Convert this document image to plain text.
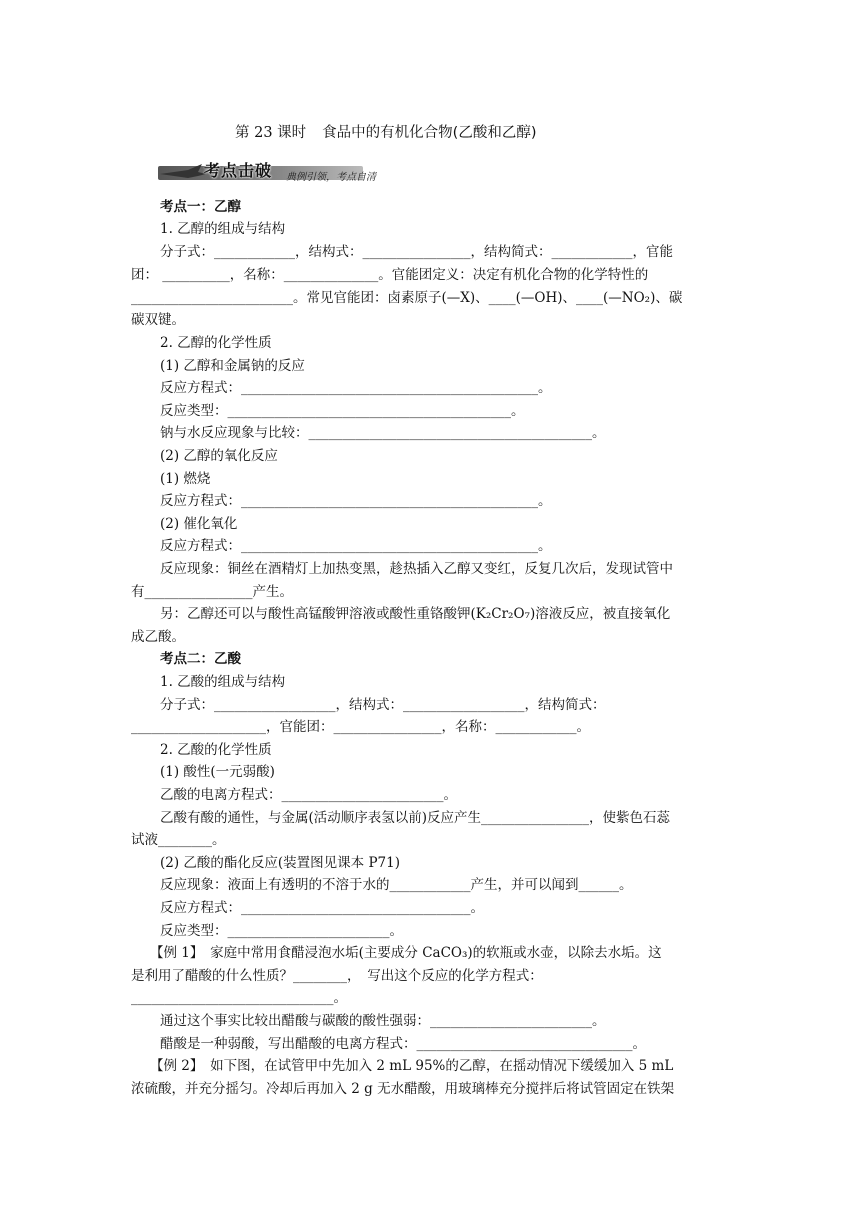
第 23 课时 食品中的有机化合物(乙酸和乙醇)
考点击破 典例引领，考点自清
考点一：乙醇
1. 乙醇的组成与结构
分子式：____________，结构式：________________，结构简式：____________，官能
团： __________，名称：______________。官能团定义：决定有机化合物的化学特性的
________________________。常见官能团：卤素原子(—X)、____(—OH)、____(—NO₂)、碳
碳双键。
2. 乙醇的化学性质
(1) 乙醇和金属钠的反应
反应方程式：____________________________________________。
反应类型：__________________________________________。
钠与水反应现象与比较：__________________________________________。
(2) 乙醇的氧化反应
(1) 燃烧
反应方程式：____________________________________________。
(2) 催化氧化
反应方程式：____________________________________________。
反应现象：铜丝在酒精灯上加热变黑，趁热插入乙醇又变红，反复几次后，发现试管中
有________________产生。
另：乙醇还可以与酸性高锰酸钾溶液或酸性重铬酸钾(K₂Cr₂O₇)溶液反应，被直接氧化
成乙酸。
考点二：乙酸
1. 乙酸的组成与结构
分子式：__________________，结构式：__________________，结构简式：
____________________，官能团：________________，名称：____________。
2. 乙酸的化学性质
(1) 酸性(一元弱酸)
乙酸的电离方程式：________________________。
乙酸有酸的通性，与金属(活动顺序表氢以前)反应产生________________，使紫色石蕊
试液________。
(2) 乙酸的酯化反应(装置图见课本 P71)
反应现象：液面上有透明的不溶于水的____________产生，并可以闻到______。
反应方程式：__________________________________。
反应类型：________________________。
【例 1】　家庭中常用食醋浸泡水垢(主要成分 CaCO₃)的软瓶或水壶，以除去水垢。这
是利用了醋酸的什么性质？________，　写出这个反应的化学方程式：
______________________________。
通过这个事实比较出醋酸与碳酸的酸性强弱：________________________。
醋酸是一种弱酸，写出醋酸的电离方程式：________________________________。
【例 2】　如下图，在试管甲中先加入 2 mL 95%的乙醇，在摇动情况下缓缓加入 5 mL
浓硫酸，并充分摇匀。冷却后再加入 2 g 无水醋酸，用玻璃棒充分搅拌后将试管固定在铁架
